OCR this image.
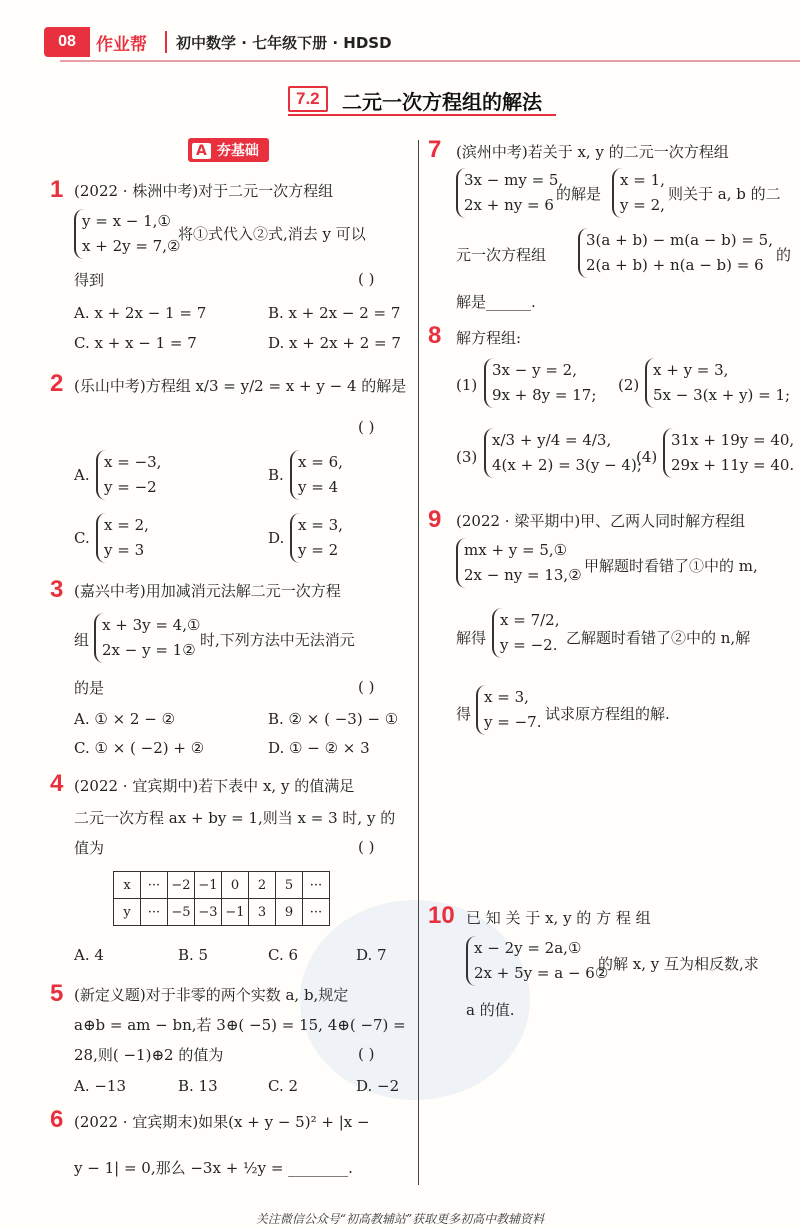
08	作业帮 初中数学 · 七年级下册 · HDSD
7.2	二元一次方程组的解法
A 夯基础
1 (2022 · 株洲中考)对于二元一次方程组
y = x − 1,①
x + 2y = 7,②
将①式代入②式,消去 y 可以
得到	( )
A. x + 2x − 1 = 7	B. x + 2x − 2 = 7
C. x + x − 1 = 7	D. x + 2x + 2 = 7
2 (乐山中考)方程组 x/3 = y/2 = x + y − 4 的解是
( )
A.
x = −3,
y = −2
B.
x = 6,
y = 4
C.
x = 2,
y = 3
D.
x = 3,
y = 2
3 (嘉兴中考)用加减消元法解二元一次方程
组
x + 3y = 4,①
2x − y = 1②
时,下列方法中无法消元
的是	( )
A. ① × 2 − ②	B. ② × ( −3) − ①
C. ① × ( −2) + ②	D. ① − ② × 3
4 (2022 · 宜宾期中)若下表中 x, y 的值满足
二元一次方程 ax + by = 1,则当 x = 3 时, y 的
值为	( )
x	···	−2	−1	0	2	5	···
y	···	−5	−3	−1	3	9	···
A. 4	B. 5	C. 6	D. 7
5 (新定义题)对于非零的两个实数 a, b,规定
a⊕b = am − bn,若 3⊕( −5) = 15, 4⊕( −7) =
28,则( −1)⊕2 的值为	( )
A. −13	B. 13	C. 2	D. −2
6 (2022 · 宜宾期末)如果(x + y − 5)² + |x −
y − 1| = 0,那么 −3x + ½y = ________.
7 (滨州中考)若关于 x, y 的二元一次方程组
3x − my = 5,
2x + ny = 6
的解是
x = 1,
y = 2,
则关于 a, b 的二
元一次方程组
3(a + b) − m(a − b) = 5,
2(a + b) + n(a − b) = 6
的
解是______.
8 解方程组:
(1)
3x − y = 2,
9x + 8y = 17;
(2)
x + y = 3,
5x − 3(x + y) = 1;
(3)
x/3 + y/4 = 4/3,
4(x + 2) = 3(y − 4);
(4)
31x + 19y = 40,
29x + 11y = 40.
9 (2022 · 梁平期中)甲、乙两人同时解方程组
mx + y = 5,①
2x − ny = 13,② 甲解题时看错了①中的 m,
解得
x = 7/2,
y = −2. 乙解题时看错了②中的 n,解
得
x = 3,
y = −7. 试求原方程组的解.
10 已 知 关 于 x, y 的 方 程 组
x − 2y = 2a,①
2x + 5y = a − 6②
的解 x, y 互为相反数,求
a 的值.
关注微信公众号“初高教辅站”获取更多初高中教辅资料
